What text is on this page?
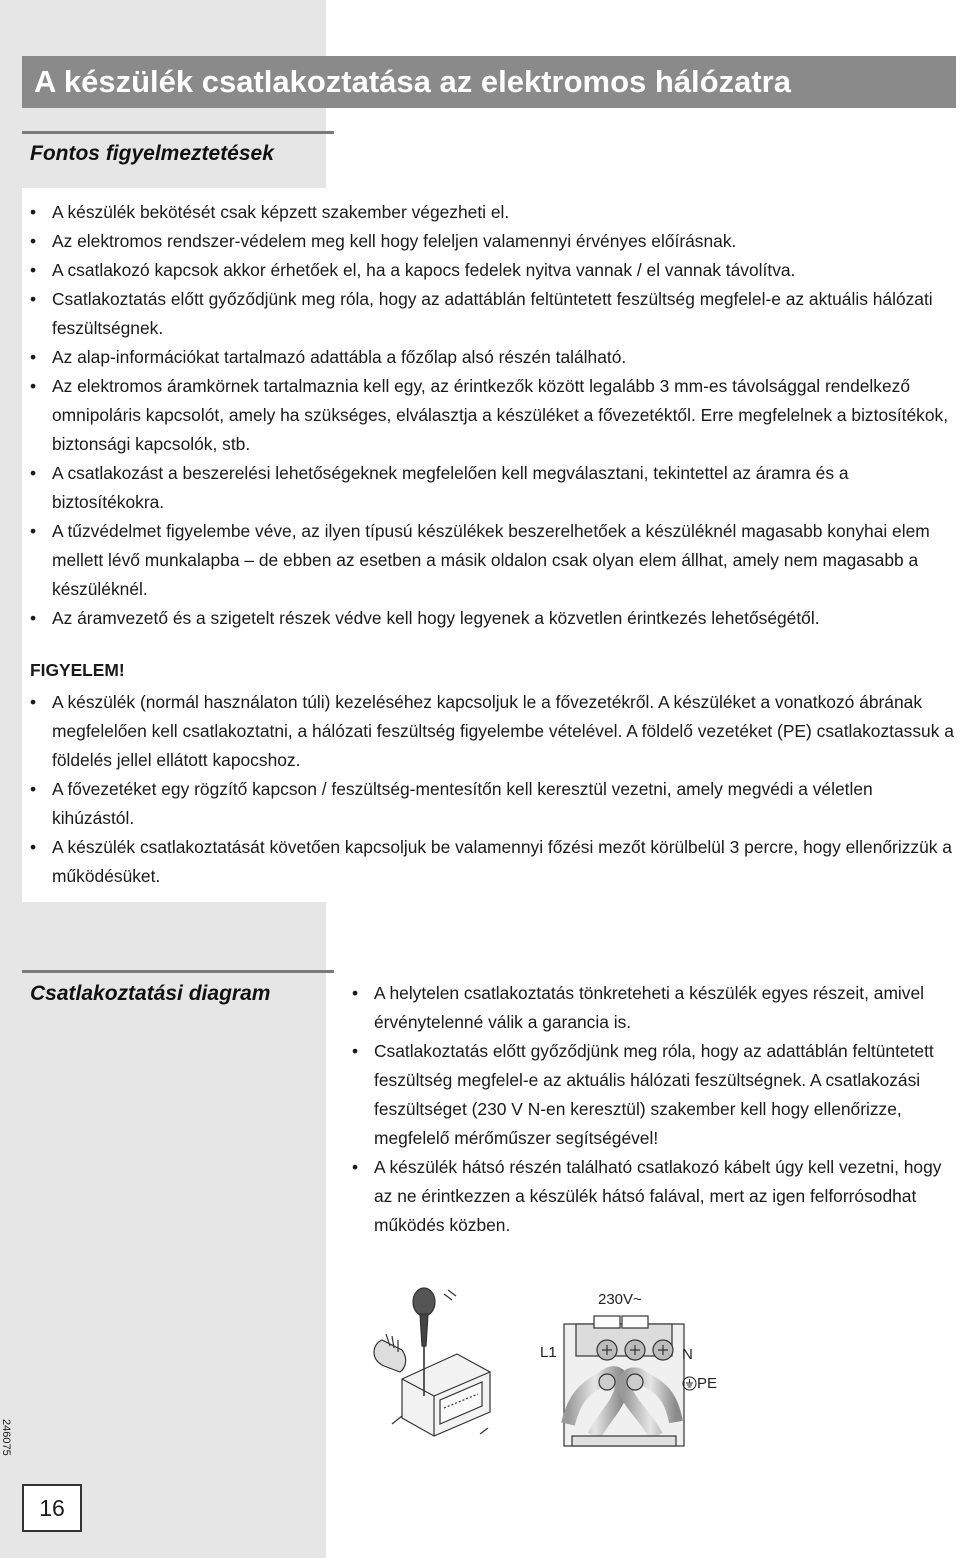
A készülék csatlakoztatása az elektromos hálózatra
Fontos figyelmeztetések
• A készülék bekötését csak képzett szakember végezheti el.
• Az elektromos rendszer-védelem meg kell hogy feleljen valamennyi érvényes előírásnak.
• A csatlakozó kapcsok akkor érhetőek el, ha a kapocs fedelek nyitva vannak / el vannak távolítva.
• Csatlakoztatás előtt győződjünk meg róla, hogy az adattáblán feltüntetett feszültség megfelel-e az aktuális hálózati feszültségnek.
• Az alap-információkat tartalmazó adattábla a főzőlap alsó részén található.
• Az elektromos áramkörnek tartalmaznia kell egy, az érintkezők között legalább 3 mm-es távolsággal rendelkező omnipoláris kapcsolót, amely ha szükséges, elválasztja a készüléket a fővezetéktől. Erre megfelelnek a biztosítékok, biztonsági kapcsolók, stb.
• A csatlakozást a beszerelési lehetőségeknek megfelelően kell megválasztani, tekintettel az áramra és a biztosítékokra.
• A tűzvédelmet figyelembe véve, az ilyen típusú készülékek beszerelhetőek a készüléknél magasabb konyhai elem mellett lévő munkalapba – de ebben az esetben a másik oldalon csak olyan elem állhat, amely nem magasabb a készüléknél.
• Az áramvezető és a szigetelt részek védve kell hogy legyenek a közvetlen érintkezés lehetőségétől.
FIGYELEM!
• A készülék (normál használaton túli) kezeléséhez kapcsoljuk le a fővezetékről. A készüléket a vonatkozó ábrának megfelelően kell csatlakoztatni, a hálózati feszültség figyelembe vételével. A földelő vezetéket (PE) csatlakoztassuk a földelés jellel ellátott kapocshoz.
• A fővezetéket egy rögzítő kapcson / feszültség-mentesítőn kell keresztül vezetni, amely megvédi a véletlen kihúzástól.
• A készülék csatlakoztatását követően kapcsoljuk be valamennyi főzési mezőt körülbelül 3 percre, hogy ellenőrizzük a működésüket.
Csatlakoztatási diagram
•	A helytelen csatlakoztatás tönkreteheti a készülék egyes részeit, amivel érvénytelenné válik a garancia is.
• Csatlakoztatás előtt győződjünk meg róla, hogy az adattáblán feltüntetett feszültség megfelel-e az aktuális hálózati feszültségnek. A csatlakozási feszültséget (230 V N-en keresztül) szakember kell hogy ellenőrizze, megfelelő mérőműszer segítségével!
• A készülék hátsó részén található csatlakozó kábelt úgy kell vezetni, hogy az ne érintkezzen a készülék hátsó falával, mert az igen felforrósodhat működés közben.
230V~
L1	N
PE
246075
16
